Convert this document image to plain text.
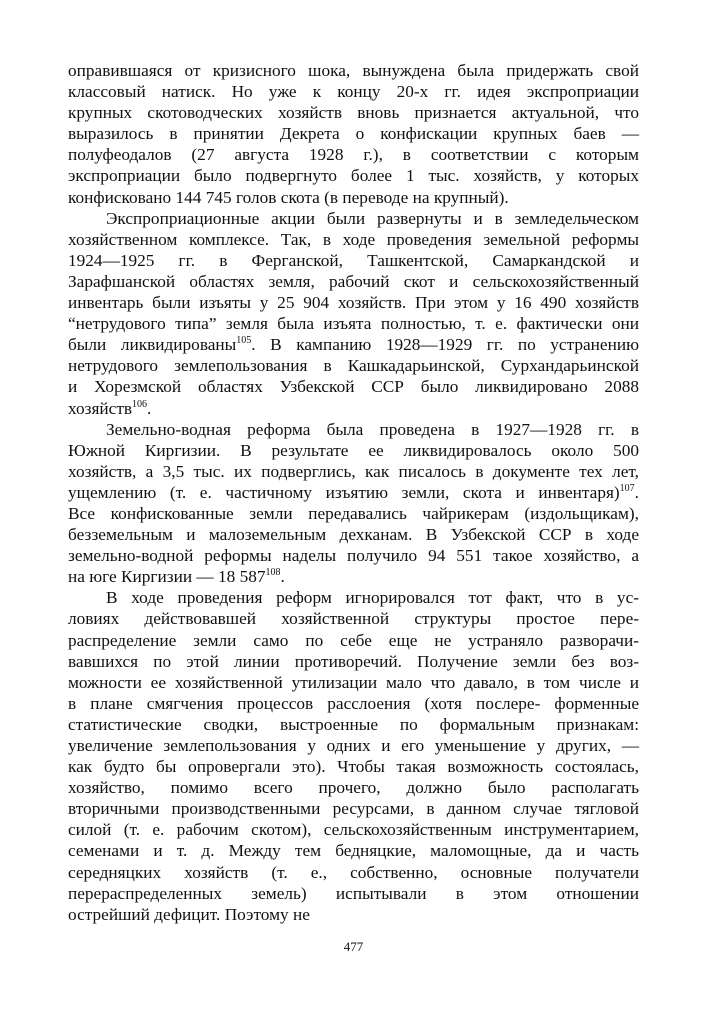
оправившаяся от кризисного шока, вынуждена была придержать свой
классовый натиск. Но уже к концу 20-х гг. идея экспроприации
крупных скотоводческих хозяйств вновь признается актуальной, что
выразилось в принятии Декрета о конфискации крупных баев —
полуфеодалов (27 августа 1928 г.), в соответствии с которым
экспроприации было подвергнуто более 1 тыс. хозяйств, у которых
конфисковано 144 745 голов скота (в переводе на крупный).
Экспроприационные акции были развернуты и в земледельческом
хозяйственном комплексе. Так, в ходе проведения земельной реформы
1924—1925 гг. в Ферганской, Ташкентской, Самаркандской и
Зарафшанской областях земля, рабочий скот и сельскохозяйственный
инвентарь были изъяты у 25 904 хозяйств. При этом у 16 490 хозяйств
“нетрудового типа” земля была изъята полностью, т. е. фактически они
были ликвидированы$^{105}$. В кампанию 1928—1929 гг. по устранению
нетрудового землепользования в Кашкадарьинской, Сурхандарьинской
и Хорезмской областях Узбекской ССР было ликвидировано 2088
хозяйств$^{106}$.
Земельно-водная реформа была проведена в 1927—1928 гг. в
Южной Киргизии. В результате ее ликвидировалось около 500
хозяйств, а 3,5 тыс. их подверглись, как писалось в документе тех лет,
ущемлению (т. е. частичному изъятию земли, скота и инвентаря)$^{107}$.
Все конфискованные земли передавались чайрикерам (издольщикам),
безземельным и малоземельным дехканам. В Узбекской ССР в ходе
земельно-водной реформы наделы получило 94 551 такое хозяйство, а
на юге Киргизии — 18 $587^{108}$.
В ходе проведения реформ игнорировался тот факт, что в ус-
ловиях действовавшей хозяйственной структуры простое пере-
распределение земли само по себе еще не устраняло разворачи-
вавшихся по этой линии противоречий. Получение земли без воз-
можности ее хозяйственной утилизации мало что давало, в том числе и
в плане смягчения процессов расслоения (хотя послере- форменные
статистические сводки, выстроенные по формальным признакам:
увеличение землепользования у одних и его уменьшение у других, —
как будто бы опровергали это). Чтобы такая возможность состоялась,
хозяйство, помимо всего прочего, должно было располагать
вторичными производственными ресурсами, в данном случае тягловой
силой (т. е. рабочим скотом), сельскохозяйственным инструментарием,
семенами и т. д. Между тем бедняцкие, маломощные, да и часть
середняцких хозяйств (т. е., собственно, основные получатели
перераспределенных земель) испытывали в этом отношении
острейший дефицит. Поэтому не
477
